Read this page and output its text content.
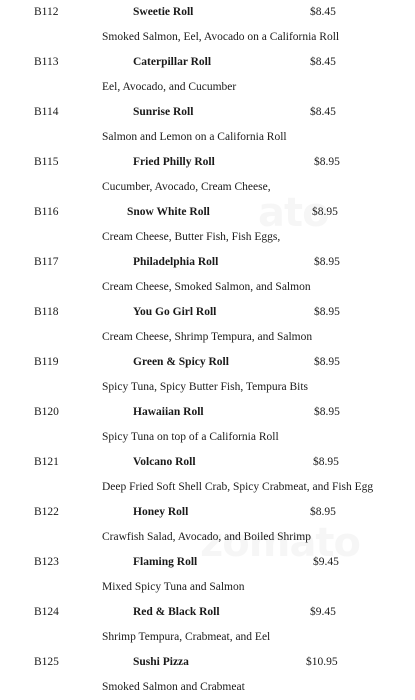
B112	Sweetie Roll	$8.45
Smoked Salmon, Eel, Avocado on a California Roll
B113	Caterpillar Roll	$8.45
Eel, Avocado, and Cucumber
B114	Sunrise Roll	$8.45
Salmon and Lemon on a California Roll
B115	Fried Philly Roll	$8.95
Cucumber, Avocado, Cream Cheese,
B116	Snow White Roll	$8.95
Cream Cheese, Butter Fish, Fish Eggs,
B117	Philadelphia Roll	$8.95
Cream Cheese, Smoked Salmon, and Salmon
B118	You Go Girl Roll	$8.95
Cream Cheese, Shrimp Tempura, and Salmon
B119	Green & Spicy Roll	$8.95
Spicy Tuna, Spicy Butter Fish, Tempura Bits
B120	Hawaiian Roll	$8.95
Spicy Tuna on top of a California Roll
B121	Volcano Roll	$8.95
Deep Fried Soft Shell Crab, Spicy Crabmeat, and Fish Egg
B122	Honey Roll	$8.95
Crawfish Salad, Avocado, and Boiled Shrimp
B123	Flaming Roll	$9.45
Mixed Spicy Tuna and Salmon
B124	Red & Black Roll	$9.45
Shrimp Tempura, Crabmeat, and Eel
B125	Sushi Pizza	$10.95
Smoked Salmon and Crabmeat
